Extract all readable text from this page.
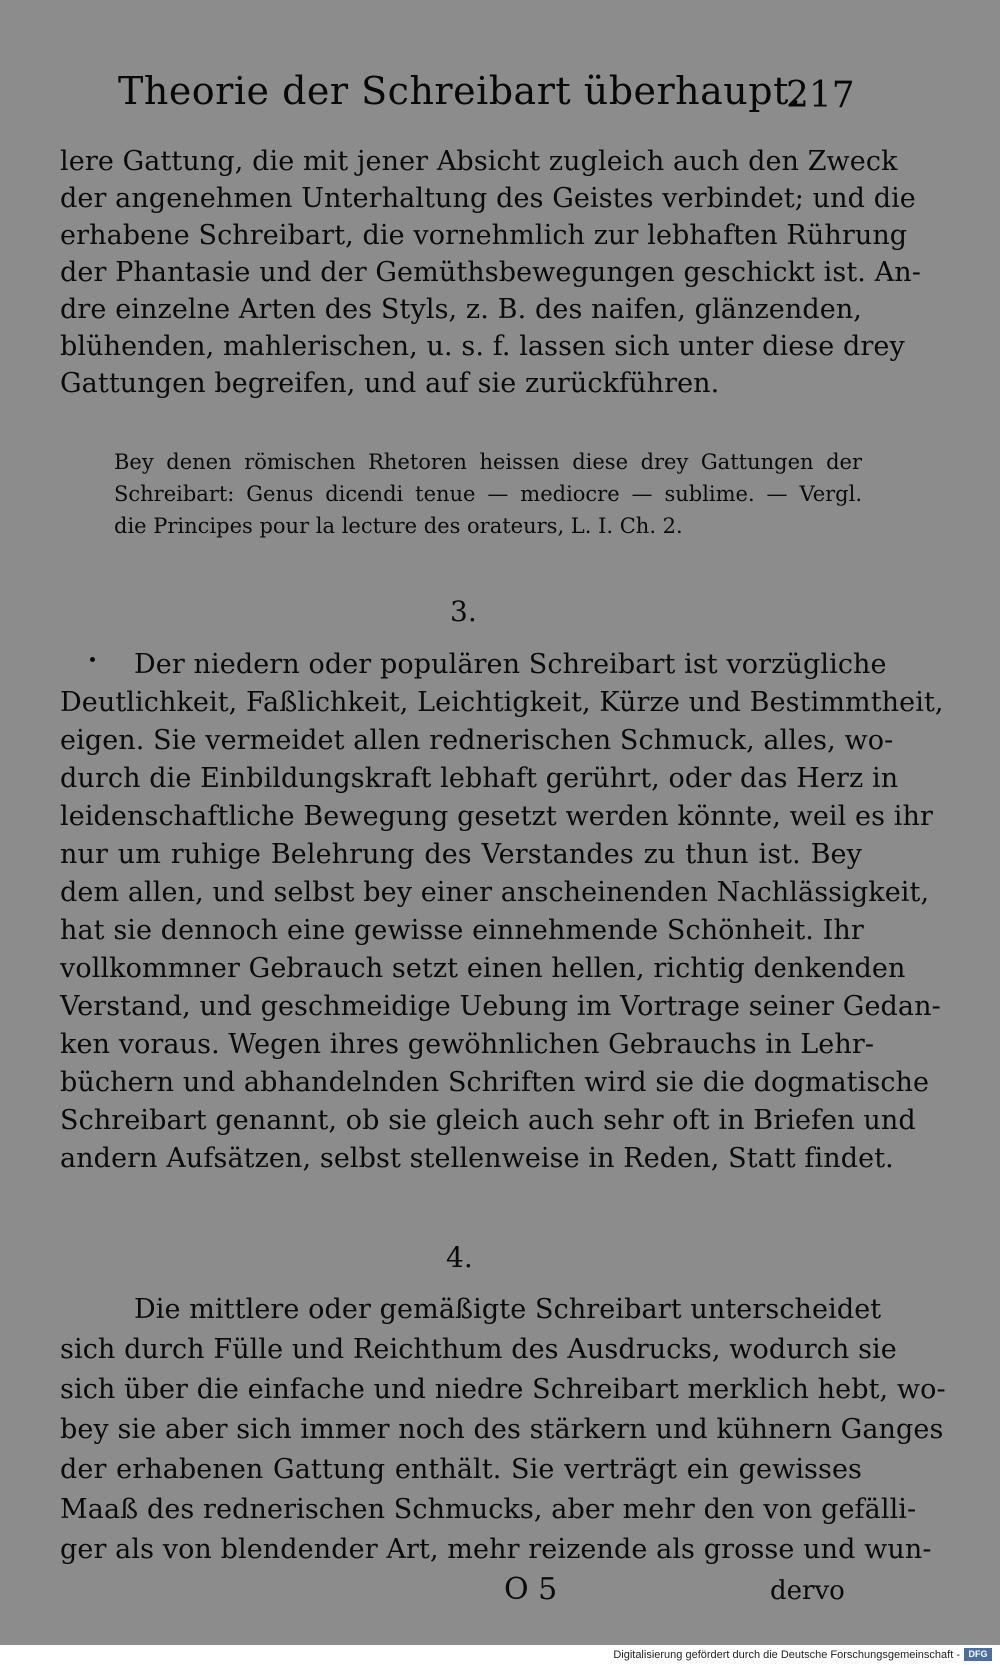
Theorie der Schreibart überhaupt.
217
lere Gattung, die mit jener Absicht zugleich auch den Zweck
der angenehmen Unterhaltung des Geistes verbindet; und die
erhabene Schreibart, die vornehmlich zur lebhaften Rührung
der Phantasie und der Gemüthsbewegungen geschickt ist. An-
dre einzelne Arten des Styls, z. B. des naifen, glänzenden,
blühenden, mahlerischen, u. s. f. lassen sich unter diese drey
Gattungen begreifen, und auf sie zurückführen.
Bey denen römischen Rhetoren heissen diese drey Gattungen der
Schreibart: Genus dicendi tenue — mediocre — sublime. — Vergl.
die Principes pour la lecture des orateurs, L. I. Ch. 2.
3.
Der niedern oder populären Schreibart ist vorzügliche
Deutlichkeit, Faßlichkeit, Leichtigkeit, Kürze und Bestimmtheit,
eigen. Sie vermeidet allen rednerischen Schmuck, alles, wo-
durch die Einbildungskraft lebhaft gerührt, oder das Herz in
leidenschaftliche Bewegung gesetzt werden könnte, weil es ihr
nur um ruhige Belehrung des Verstandes zu thun ist. Bey
dem allen, und selbst bey einer anscheinenden Nachlässigkeit,
hat sie dennoch eine gewisse einnehmende Schönheit. Ihr
vollkommner Gebrauch setzt einen hellen, richtig denkenden
Verstand, und geschmeidige Uebung im Vortrage seiner Gedan-
ken voraus. Wegen ihres gewöhnlichen Gebrauchs in Lehr-
büchern und abhandelnden Schriften wird sie die dogmatische
Schreibart genannt, ob sie gleich auch sehr oft in Briefen und
andern Aufsätzen, selbst stellenweise in Reden, Statt findet.
4.
Die mittlere oder gemäßigte Schreibart unterscheidet
sich durch Fülle und Reichthum des Ausdrucks, wodurch sie
sich über die einfache und niedre Schreibart merklich hebt, wo-
bey sie aber sich immer noch des stärkern und kühnern Ganges
der erhabenen Gattung enthält. Sie verträgt ein gewisses
Maaß des rednerischen Schmucks, aber mehr den von gefälli-
ger als von blendender Art, mehr reizende als grosse und wun-
O 5	dervo
Digitalisierung gefördert durch die Deutsche Forschungsgemeinschaft - DFG
